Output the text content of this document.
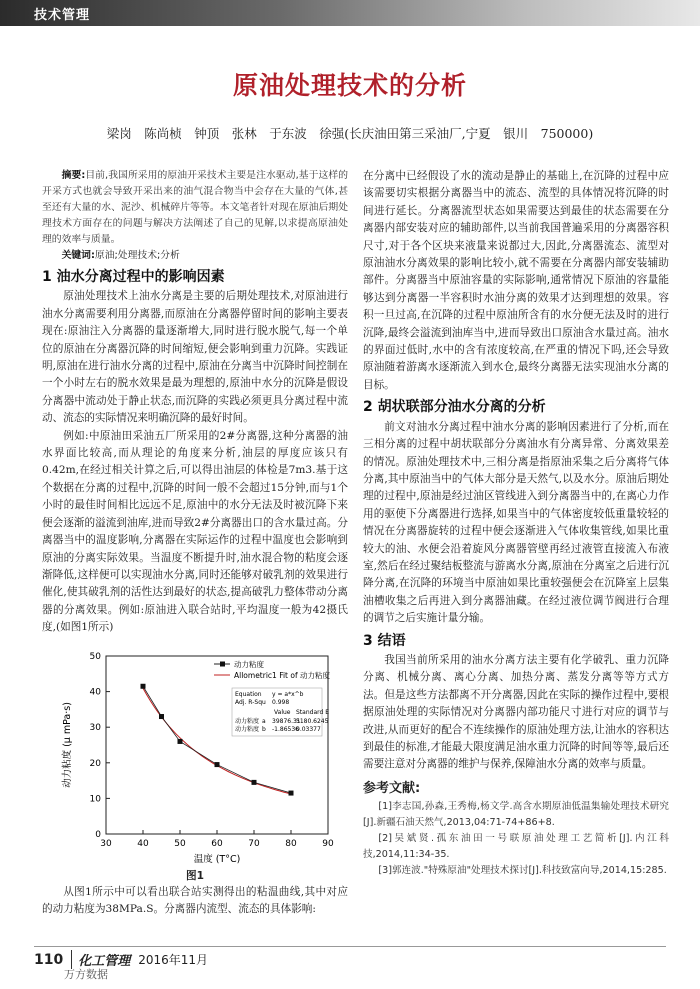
技术管理
原油处理技术的分析
梁岗　陈尚桢　钟顶　张林　于东波　徐强(长庆油田第三采油厂,宁夏　银川　750000)

摘要:目前,我国所采用的原油开采技术主要是注水驱动,基于这样的开采方式也就会导致开采出来的油气混合物当中会存在大量的气体,甚至还有大量的水、泥沙、机械碎片等等。本文笔者针对现在原油后期处理技术方面存在的问题与解决方法阐述了自己的见解,以求提高原油处理的效率与质量。

关键词:原油;处理技术;分析

1 油水分离过程中的影响因素

原油处理技术上油水分离是主要的后期处理技术,对原油进行油水分离需要利用分离器,而原油在分离器停留时间的影响主要表现在:原油注入分离器的量逐渐增大,同时进行脱水脱气,每一个单位的原油在分离器沉降的时间缩短,便会影响到重力沉降。实践证明,原油在进行油水分离的过程中,原油在分离当中沉降时间控制在一个小时左右的脱水效果是最为理想的,原油中水分的沉降是假设分离器中流动处于静止状态,而沉降的实践必须更具分离过程中流动、流态的实际情况来明确沉降的最好时间。

例如:中原油田采油五厂所采用的2#分离器,这种分离器的油水界面比较高,而从理论的角度来分析,油层的厚度应该只有0.42m,在经过相关计算之后,可以得出油层的体检是7m3.基于这个数据在分离的过程中,沉降的时间一般不会超过15分钟,而与1个小时的最佳时间相比远远不足,原油中的水分无法及时被沉降下来便会逐渐的溢流到油库,进而导致2#分离器出口的含水量过高。分离器当中的温度影响,分离器在实际运作的过程中温度也会影响到原油的分离实际效果。当温度不断提升时,油水混合物的粘度会逐渐降低,这样便可以实现油水分离,同时还能够对破乳剂的效果进行催化,使其破乳剂的活性达到最好的状态,提高破乳力整体带动分离器的分离效果。例如:原油进入联合站时,平均温度一般为42摄氏度,(如图1所示)

30	40	50	60	70	80	90
0
10
20
30
40
50
温度 (T°C)
动力粘度 (μ mPa·s)
动力粘度
Allometric1 Fit of 动力粘度
Equation y = a*x^b
Adj. R-Squ 0.998
Value Standard E
动力粘度 a 39876.31
5180.6245
动力粘度 b -1.86536
0.03377
图1

从图1所示中可以看出联合站实测得出的粘温曲线,其中对应的动力粘度为38MPa.S。分离器内流型、流态的具体影响:

在分离中已经假设了水的流动是静止的基础上,在沉降的过程中应该需要切实根据分离器当中的流态、流型的具体情况将沉降的时间进行延长。分离器流型状态如果需要达到最佳的状态需要在分离器内部安装对应的辅助部件,以当前我国普遍采用的分离器容积尺寸,对于各个区块来液量来说都过大,因此,分离器流态、流型对原油油水分离效果的影响比较小,就不需要在分离器内部安装辅助部件。分离器当中原油容量的实际影响,通常情况下原油的容量能够达到分离器一半容积时水油分离的效果才达到理想的效果。容积一旦过高,在沉降的过程中原油所含有的水分便无法及时的进行沉降,最终会溢流到油库当中,进而导致出口原油含水量过高。油水的界面过低时,水中的含有浓度较高,在严重的情况下吗,还会导致原油随着游离水逐渐流入到水仓,最终分离器无法实现油水分离的目标。

2 胡状联部分油水分离的分析

前文对油水分离过程中油水分离的影响因素进行了分析,而在三相分离的过程中胡状联部分分离油水有分离异常、分离效果差的情况。原油处理技术中,三相分离是指原油采集之后分离将气体分离,其中原油当中的气体大部分是天然气,以及水分。原油后期处理的过程中,原油是经过油区管线进入到分离器当中的,在离心力作用的驱使下分离器进行选择,如果当中的气体密度较低重量较轻的情况在分离器旋转的过程中便会逐渐进入气体收集管线,如果比重较大的油、水便会沿着旋风分离器管壁再经过液管直接流入布液室,然后在经过聚结板整流与游离水分离,原油在分离室之后进行沉降分离,在沉降的环境当中原油如果比重较强便会在沉降室上层集油槽收集之后再进入到分离器油藏。在经过液位调节阀进行合理的调节之后实施计量分输。

3 结语

我国当前所采用的油水分离方法主要有化学破乳、重力沉降分离、机械分离、离心分离、加热分离、蒸发分离等等方式方法。但是这些方法都离不开分离器,因此在实际的操作过程中,要根据原油处理的实际情况对分离器内部功能尺寸进行对应的调节与改进,从而更好的配合不连续操作的原油处理方法,让油水的容积达到最佳的标准,才能最大限度满足油水重力沉降的时间等等,最后还需要注意对分离器的维护与保养,保障油水分离的效率与质量。

参考文献:

[1]李志国,孙森,王秀梅,杨文学.高含水期原油低温集输处理技术研究[J].新疆石油天然气,2013,04:71-74+86+8.

[2]吴斌贤.孤东油田一号联原油处理工艺简析[J].内江科技,2014,11:34-35.

[3]郭连波."特殊原油"处理技术探讨[J].科技致富向导,2014,15:285.

110	化工管理 2016年11月
万方数据
